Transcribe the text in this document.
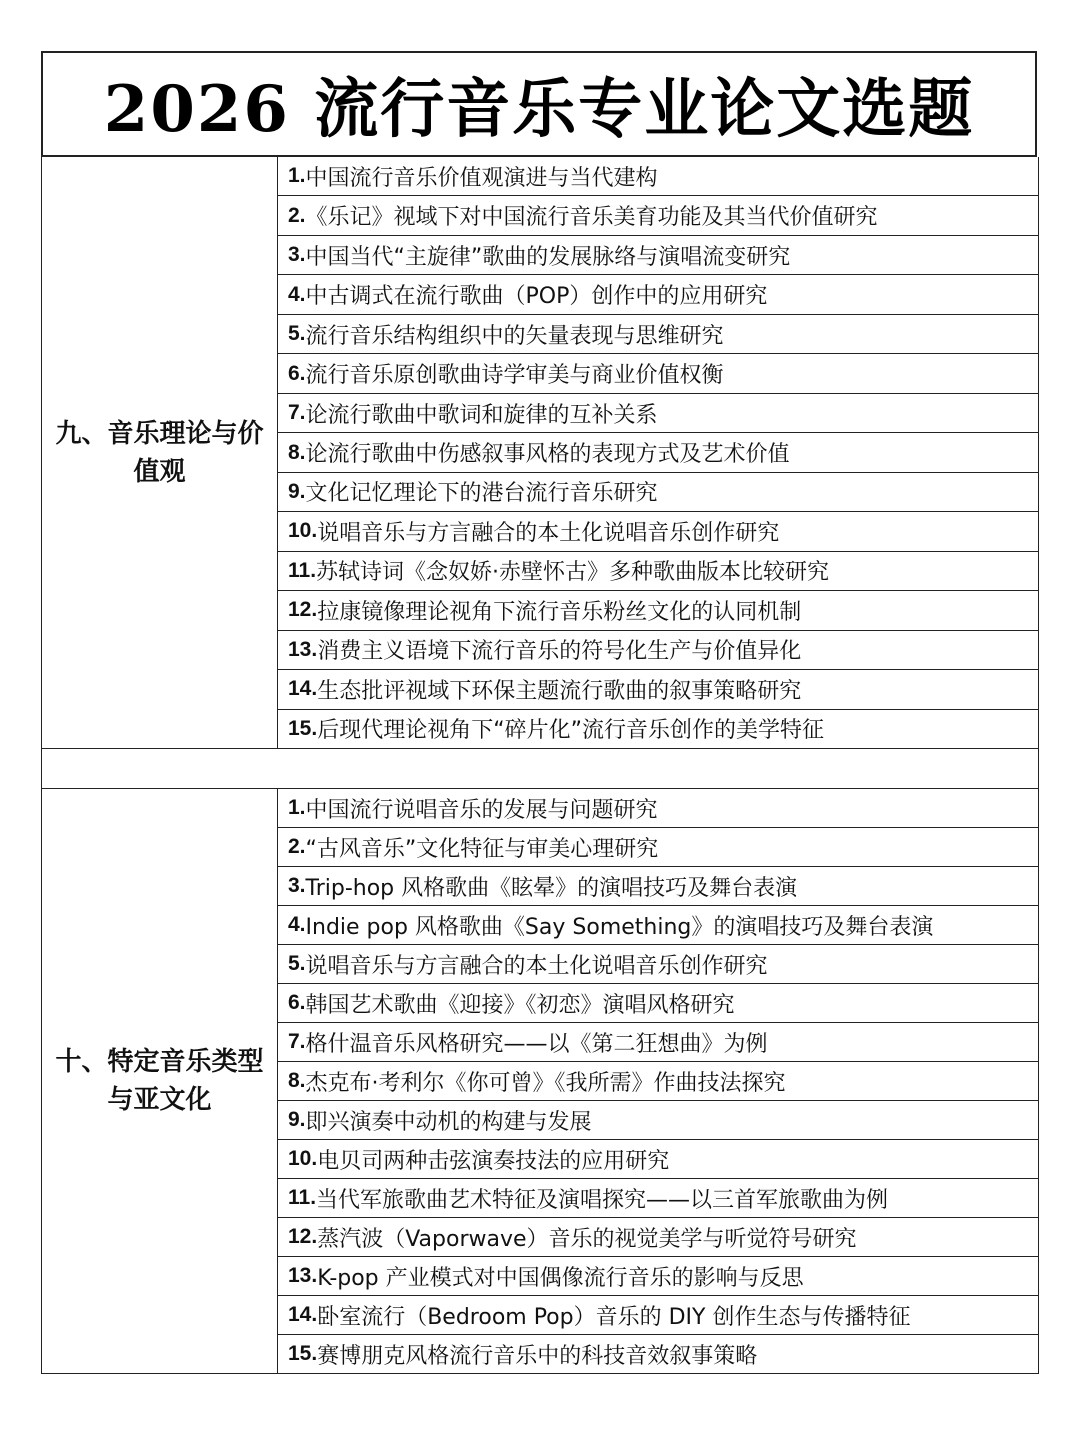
2026 流行音乐专业论文选题
九、音乐理论与价值观
1. 中国流行音乐价值观演进与当代建构
2. 《乐记》视域下对中国流行音乐美育功能及其当代价值研究
3. 中国当代“主旋律”歌曲的发展脉络与演唱流变研究
4. 中古调式在流行歌曲（POP）创作中的应用研究
5. 流行音乐结构组织中的矢量表现与思维研究
6. 流行音乐原创歌曲诗学审美与商业价值权衡
7. 论流行歌曲中歌词和旋律的互补关系
8. 论流行歌曲中伤感叙事风格的表现方式及艺术价值
9. 文化记忆理论下的港台流行音乐研究
10. 说唱音乐与方言融合的本土化说唱音乐创作研究
11. 苏轼诗词《念奴娇·赤壁怀古》多种歌曲版本比较研究
12. 拉康镜像理论视角下流行音乐粉丝文化的认同机制
13. 消费主义语境下流行音乐的符号化生产与价值异化
14. 生态批评视域下环保主题流行歌曲的叙事策略研究
15. 后现代理论视角下“碎片化”流行音乐创作的美学特征
十、特定音乐类型与亚文化
1. 中国流行说唱音乐的发展与问题研究
2. “古风音乐”文化特征与审美心理研究
3. Trip-hop 风格歌曲《眩晕》的演唱技巧及舞台表演
4. Indie pop 风格歌曲《Say Something》的演唱技巧及舞台表演
5. 说唱音乐与方言融合的本土化说唱音乐创作研究
6. 韩国艺术歌曲《迎接》《初恋》演唱风格研究
7. 格什温音乐风格研究——以《第二狂想曲》为例
8. 杰克布·考利尔《你可曾》《我所需》作曲技法探究
9. 即兴演奏中动机的构建与发展
10. 电贝司两种击弦演奏技法的应用研究
11. 当代军旅歌曲艺术特征及演唱探究——以三首军旅歌曲为例
12. 蒸汽波（Vaporwave）音乐的视觉美学与听觉符号研究
13. K-pop 产业模式对中国偶像流行音乐的影响与反思
14. 卧室流行（Bedroom Pop）音乐的 DIY 创作生态与传播特征
15. 赛博朋克风格流行音乐中的科技音效叙事策略
